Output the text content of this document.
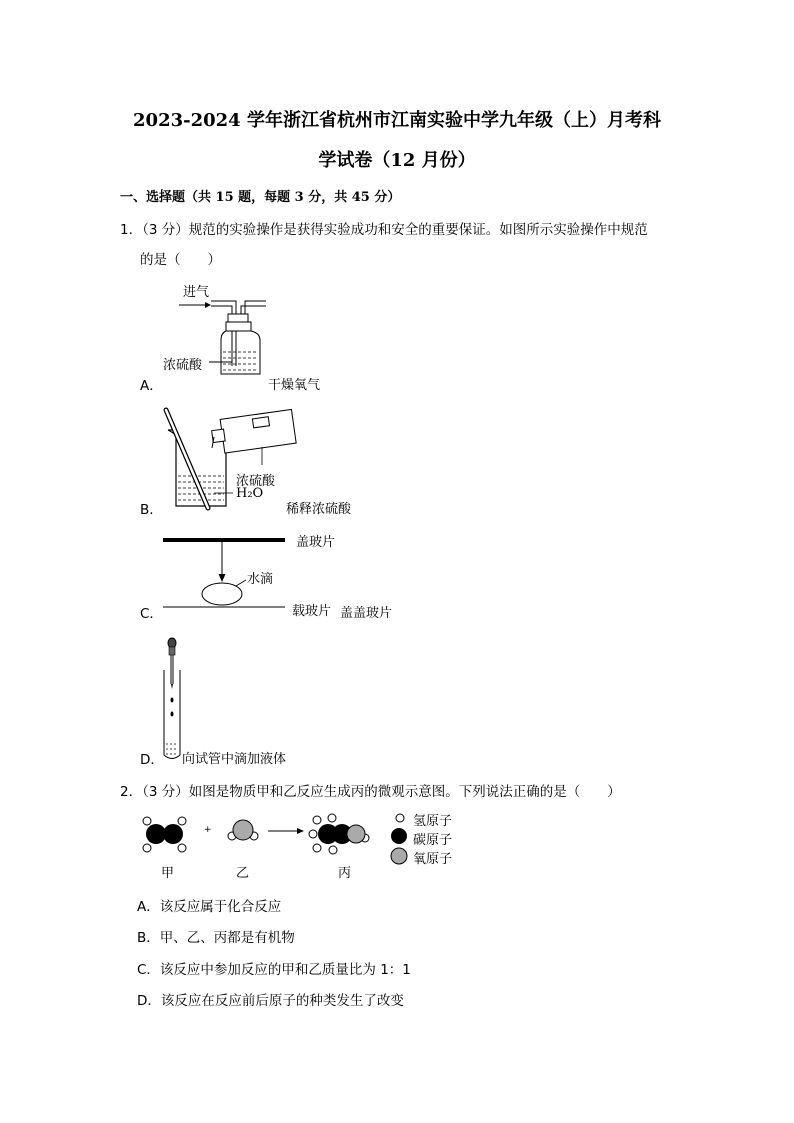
2023-2024 学年浙江省杭州市江南实验中学九年级（上）月考科
学试卷（12 月份）
一、选择题（共 15 题，每题 3 分，共 45 分）
1．（3 分）规范的实验操作是获得实验成功和安全的重要保证。如图所示实验操作中规范
的是（　　）
进气
浓硫酸
A．	干燥氧气
浓硫酸
H₂O
B．	稀释浓硫酸
盖玻片
水滴
C．	载玻片 盖盖玻片
D． 向试管中滴加液体
2．（3 分）如图是物质甲和乙反应生成丙的微观示意图。下列说法正确的是（　　）
+
甲	乙	丙
氢原子
碳原子
氧原子
A．该反应属于化合反应
B．甲、乙、丙都是有机物
C．该反应中参加反应的甲和乙质量比为 1：1
D．该反应在反应前后原子的种类发生了改变
